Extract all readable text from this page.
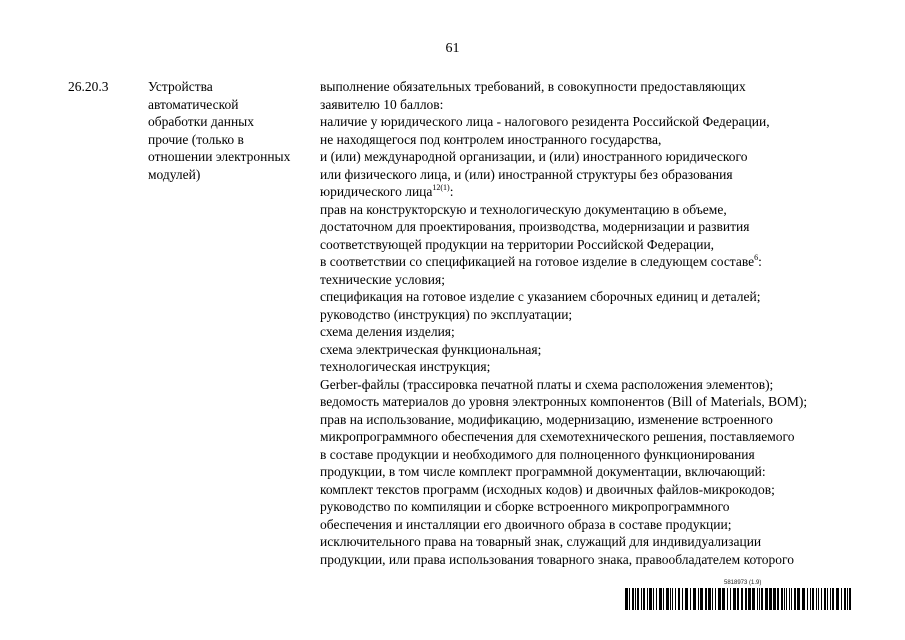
61
26.20.3	Устройства
автоматической
обработки данных
прочие (только в
отношении электронных
модулей)
выполнение обязательных требований, в совокупности предоставляющих
заявителю 10 баллов:
наличие у юридического лица - налогового резидента Российской Федерации,
не находящегося под контролем иностранного государства,
и (или) международной организации, и (или) иностранного юридического
или физического лица, и (или) иностранной структуры без образования
юридического лица$^{12(1)}$:
прав на конструкторскую и технологическую документацию в объеме,
достаточном для проектирования, производства, модернизации и развития
соответствующей продукции на территории Российской Федерации,
в соответствии со спецификацией на готовое изделие в следующем составе$^6$:
технические условия;
спецификация на готовое изделие с указанием сборочных единиц и деталей;
руководство (инструкция) по эксплуатации;
схема деления изделия;
схема электрическая функциональная;
технологическая инструкция;
Gerber-файлы (трассировка печатной платы и схема расположения элементов);
ведомость материалов до уровня электронных компонентов (Bill of Materials, BOM);
прав на использование, модификацию, модернизацию, изменение встроенного
микропрограммного обеспечения для схемотехнического решения, поставляемого
в составе продукции и необходимого для полноценного функционирования
продукции, в том числе комплект программной документации, включающий:
комплект текстов программ (исходных кодов) и двоичных файлов-микрокодов;
руководство по компиляции и сборке встроенного микропрограммного
обеспечения и инсталляции его двоичного образа в составе продукции;
исключительного права на товарный знак, служащий для индивидуализации
продукции, или права использования товарного знака, правообладателем которого
5818973 (1.9)
